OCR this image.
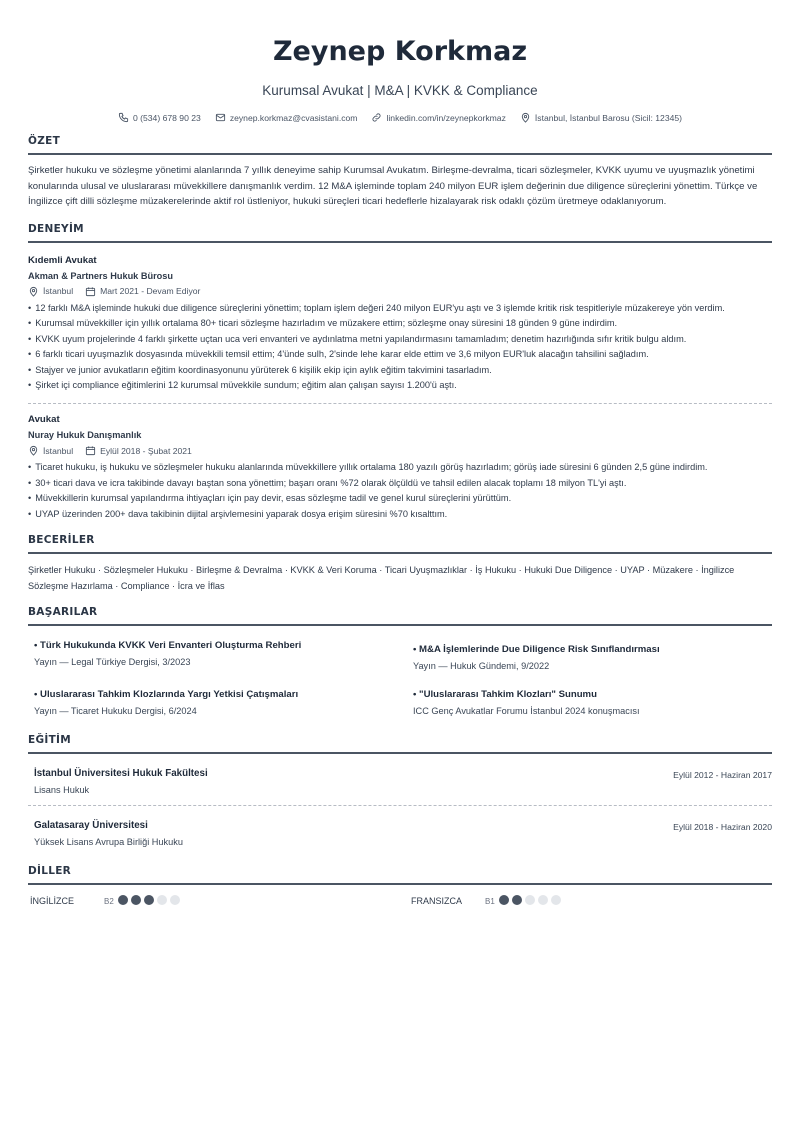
Zeynep Korkmaz
Kurumsal Avukat | M&A | KVKK & Compliance
0 (534) 678 90 23	zeynep.korkmaz@cvasistani.com	linkedin.com/in/zeynepkorkmaz	İstanbul, İstanbul Barosu (Sicil: 12345)
ÖZET
Şirketler hukuku ve sözleşme yönetimi alanlarında 7 yıllık deneyime sahip Kurumsal Avukatım. Birleşme-devralma, ticari sözleşmeler, KVKK uyumu ve uyuşmazlık yönetimi konularında ulusal ve uluslararası müvekkillere danışmanlık verdim. 12 M&A işleminde toplam 240 milyon EUR işlem değerinin due diligence süreçlerini yönettim. Türkçe ve İngilizce çift dilli sözleşme müzakerelerinde aktif rol üstleniyor, hukuki süreçleri ticari hedeflerle hizalayarak risk odaklı çözüm üretmeye odaklanıyorum.
DENEYİM
Kıdemli Avukat
Akman & Partners Hukuk Bürosu
İstanbul	Mart 2021 - Devam Ediyor
• 12 farklı M&A işleminde hukuki due diligence süreçlerini yönettim; toplam işlem değeri 240 milyon EUR'yu aştı ve 3 işlemde kritik risk tespitleriyle müzakereye yön verdim.
• Kurumsal müvekkiller için yıllık ortalama 80+ ticari sözleşme hazırladım ve müzakere ettim; sözleşme onay süresini 18 günden 9 güne indirdim.
• KVKK uyum projelerinde 4 farklı şirkette uçtan uca veri envanteri ve aydınlatma metni yapılandırmasını tamamladım; denetim hazırlığında sıfır kritik bulgu aldım.
• 6 farklı ticari uyuşmazlık dosyasında müvekkili temsil ettim; 4'ünde sulh, 2'sinde lehe karar elde ettim ve 3,6 milyon EUR'luk alacağın tahsilini sağladım.
• Stajyer ve junior avukatların eğitim koordinasyonunu yürüterek 6 kişilik ekip için aylık eğitim takvimini tasarladım.
• Şirket içi compliance eğitimlerini 12 kurumsal müvekkile sundum; eğitim alan çalışan sayısı 1.200'ü aştı.
Avukat
Nuray Hukuk Danışmanlık
İstanbul	Eylül 2018 - Şubat 2021
• Ticaret hukuku, iş hukuku ve sözleşmeler hukuku alanlarında müvekkillere yıllık ortalama 180 yazılı görüş hazırladım; görüş iade süresini 6 günden 2,5 güne indirdim.
• 30+ ticari dava ve icra takibinde davayı baştan sona yönettim; başarı oranı %72 olarak ölçüldü ve tahsil edilen alacak toplamı 18 milyon TL'yi aştı.
• Müvekkillerin kurumsal yapılandırma ihtiyaçları için pay devir, esas sözleşme tadil ve genel kurul süreçlerini yürüttüm.
• UYAP üzerinden 200+ dava takibinin dijital arşivlemesini yaparak dosya erişim süresini %70 kısalttım.
BECERİLER
Şirketler Hukuku · Sözleşmeler Hukuku · Birleşme & Devralma · KVKK & Veri Koruma · Ticari Uyuşmazlıklar · İş Hukuku · Hukuki Due Diligence · UYAP · Müzakere · İngilizce Sözleşme Hazırlama · Compliance · İcra ve İflas
BAŞARILAR
• Türk Hukukunda KVKK Veri Envanteri Oluşturma Rehberi
Yayın — Legal Türkiye Dergisi, 3/2023
• M&A İşlemlerinde Due Diligence Risk Sınıflandırması
Yayın — Hukuk Gündemi, 9/2022
• Uluslararası Tahkim Klozlarında Yargı Yetkisi Çatışmaları
Yayın — Ticaret Hukuku Dergisi, 6/2024
• "Uluslararası Tahkim Klozları" Sunumu
ICC Genç Avukatlar Forumu İstanbul 2024 konuşmacısı
EĞİTİM
İstanbul Üniversitesi Hukuk Fakültesi
Lisans Hukuk
Eylül 2012 - Haziran 2017
Galatasaray Üniversitesi
Yüksek Lisans Avrupa Birliği Hukuku
Eylül 2018 - Haziran 2020
DİLLER
İNGİLİZCE	B2	FRANSIZCA	B1
